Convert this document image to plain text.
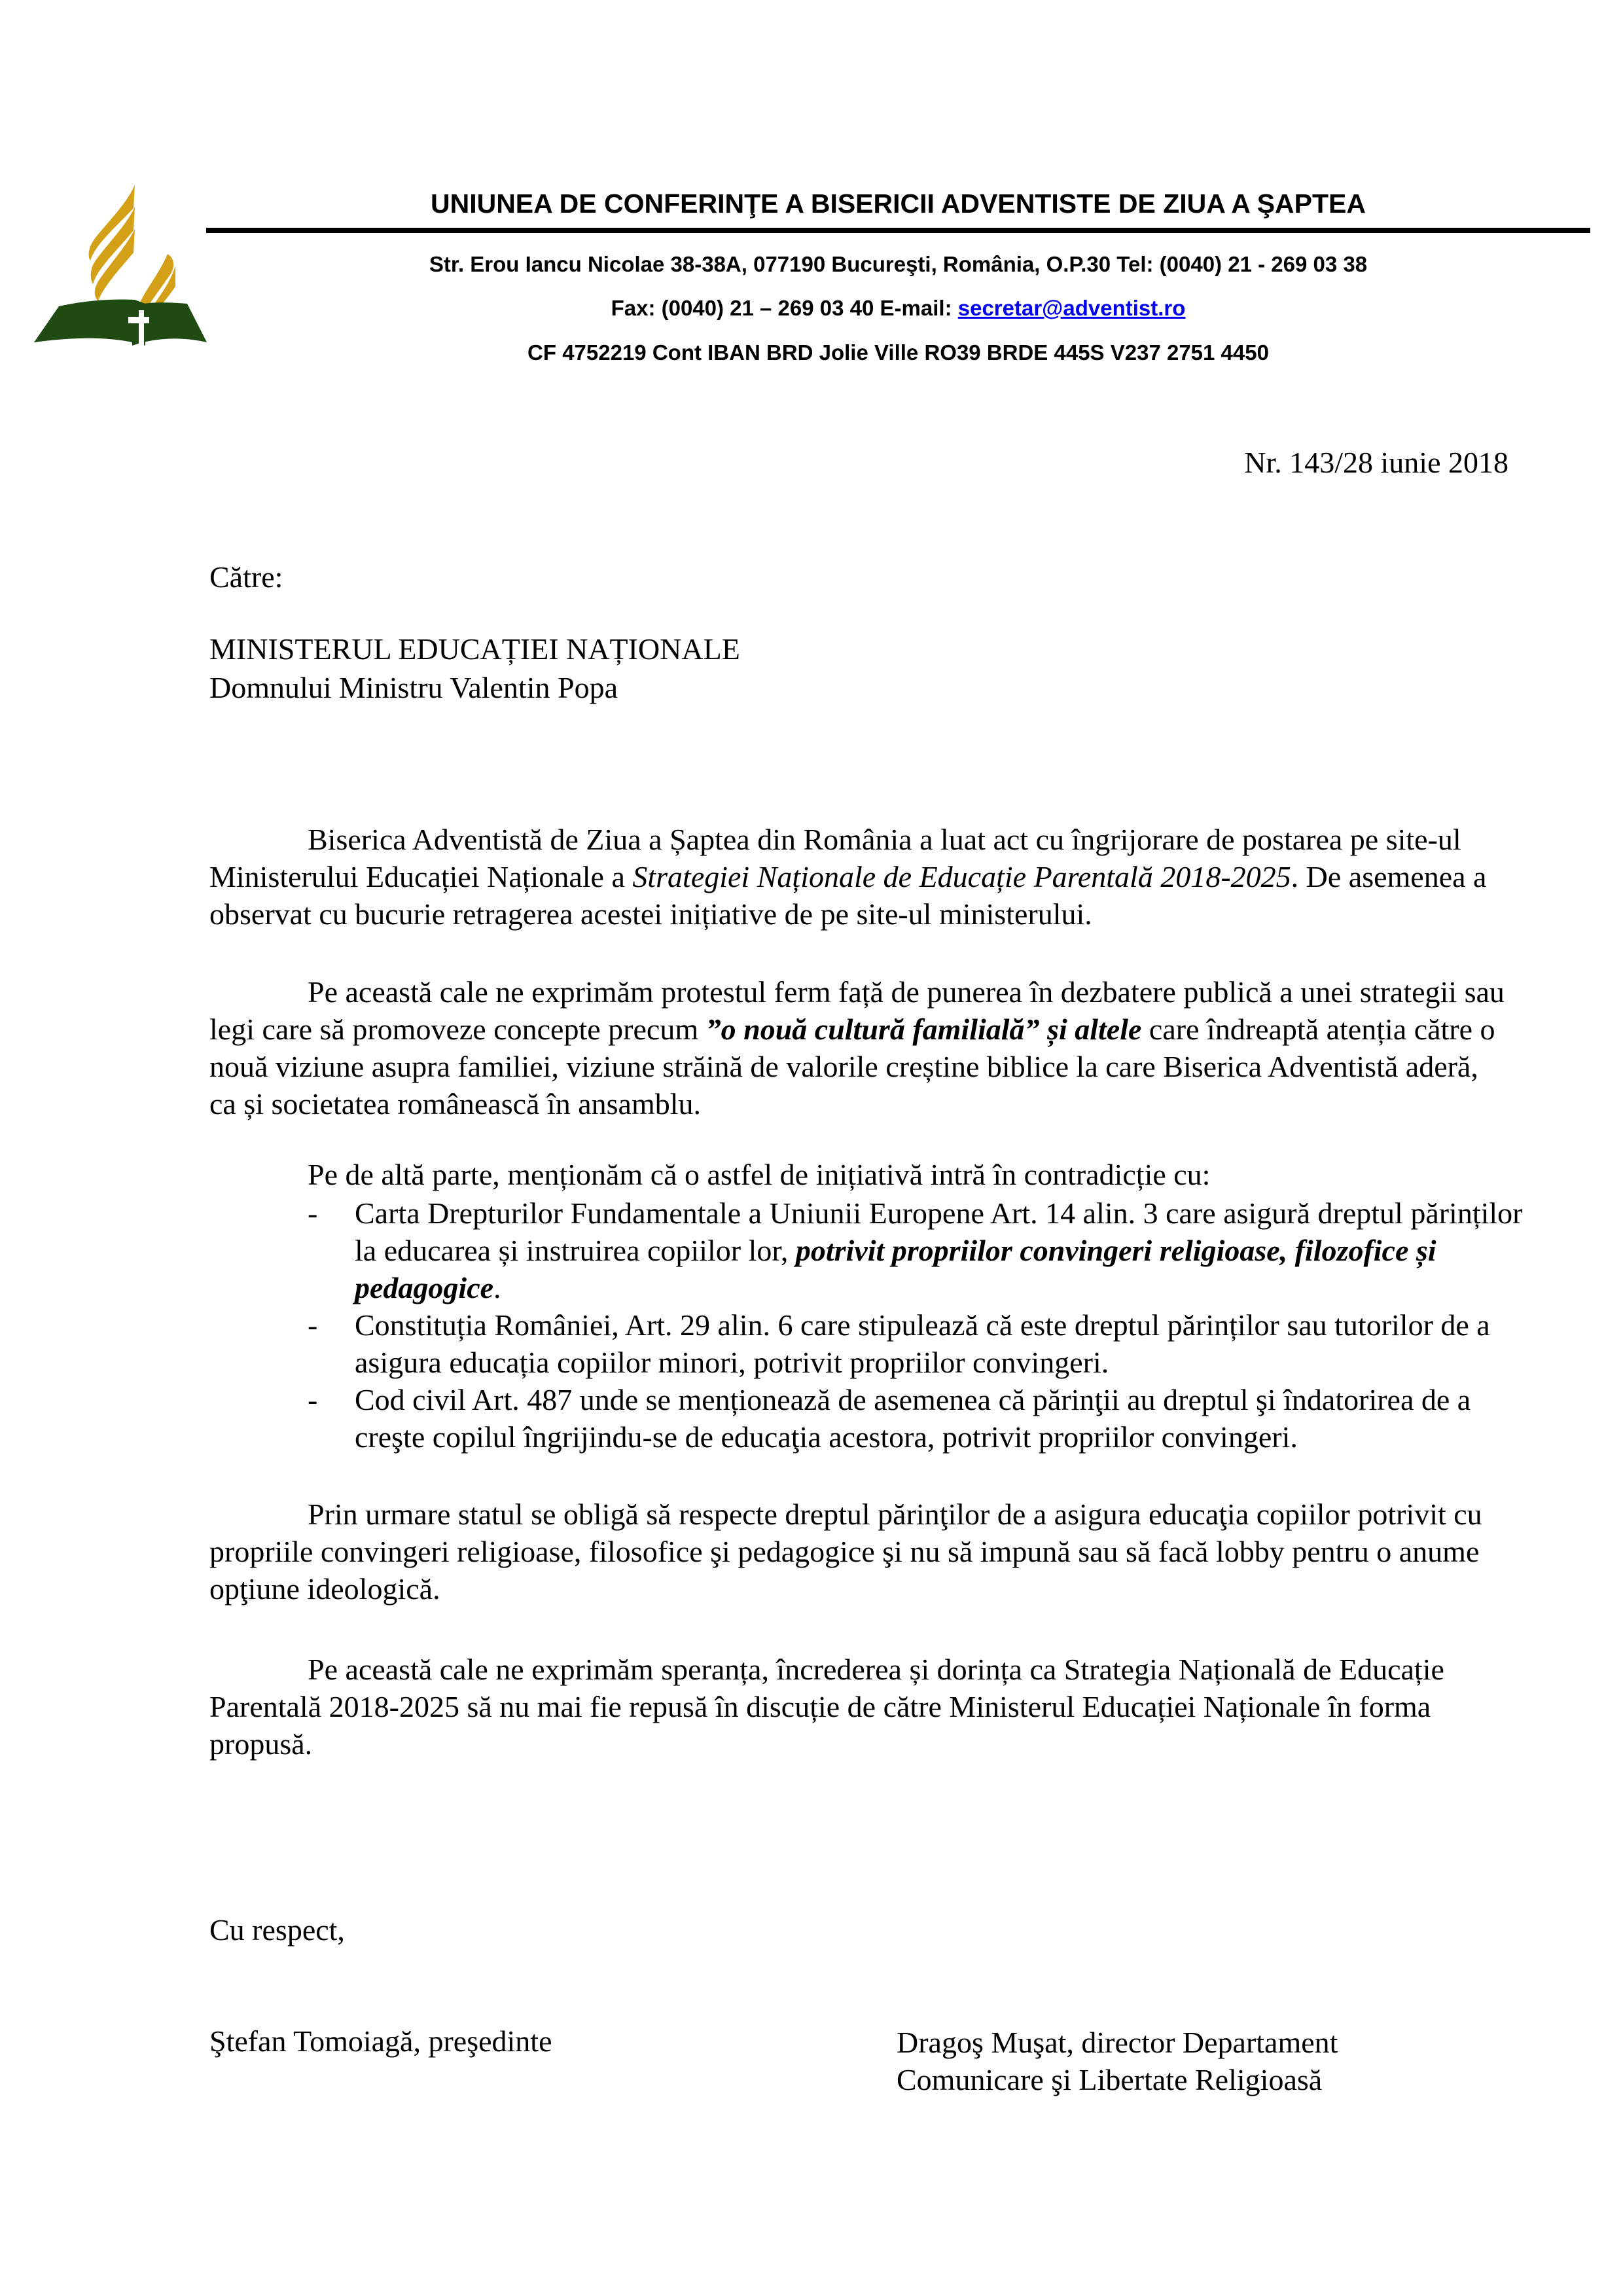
UNIUNEA DE CONFERINŢE A BISERICII ADVENTISTE DE ZIUA A ŞAPTEA
Str. Erou Iancu Nicolae 38-38A, 077190 Bucureşti, România, O.P.30 Tel: (0040) 21 - 269 03 38
Fax: (0040) 21 – 269 03 40 E-mail: secretar@adventist.ro
CF 4752219 Cont IBAN BRD Jolie Ville RO39 BRDE 445S V237 2751 4450
Nr. 143/28 iunie 2018
Către:
MINISTERUL EDUCAȚIEI NAȚIONALE
Domnului Ministru Valentin Popa
Biserica Adventistă de Ziua a Șaptea din România a luat act cu îngrijorare de postarea pe site-ul Ministerului Educației Naționale a Strategiei Naționale de Educație Parentală 2018-2025. De asemenea a observat cu bucurie retragerea acestei inițiative de pe site-ul ministerului.
Pe această cale ne exprimăm protestul ferm față de punerea în dezbatere publică a unei strategii sau legi care să promoveze concepte precum ”o nouă cultură familială” și altele care îndreaptă atenția către o nouă viziune asupra familiei, viziune străină de valorile creștine biblice la care Biserica Adventistă aderă, ca și societatea românească în ansamblu.
Pe de altă parte, menționăm că o astfel de inițiativă intră în contradicție cu:
- Carta Drepturilor Fundamentale a Uniunii Europene Art. 14 alin. 3 care asigură dreptul părinților la educarea și instruirea copiilor lor, potrivit propriilor convingeri religioase, filozofice și pedagogice.
- Constituția României, Art. 29 alin. 6 care stipulează că este dreptul părinților sau tutorilor de a asigura educația copiilor minori, potrivit propriilor convingeri.
- Cod civil Art. 487 unde se menționează de asemenea că părinţii au dreptul şi îndatorirea de a creşte copilul îngrijindu-se de educaţia acestora, potrivit propriilor convingeri.
Prin urmare statul se obligă să respecte dreptul părinţilor de a asigura educaţia copiilor potrivit cu propriile convingeri religioase, filosofice şi pedagogice şi nu să impună sau să facă lobby pentru o anume opţiune ideologică.
Pe această cale ne exprimăm speranța, încrederea și dorința ca Strategia Națională de Educație Parentală 2018-2025 să nu mai fie repusă în discuție de către Ministerul Educației Naționale în forma propusă.
Cu respect,
Ştefan Tomoiagă, preşedinte	Dragoş Muşat, director Departament
Comunicare şi Libertate Religioasă
